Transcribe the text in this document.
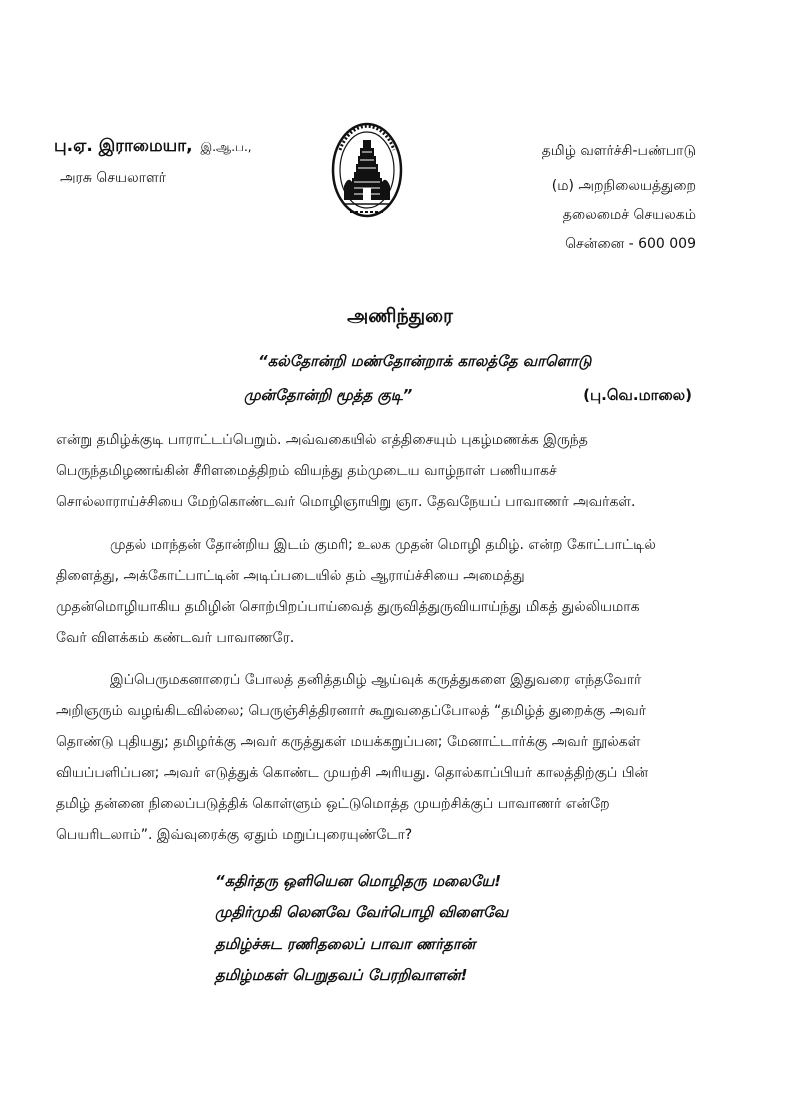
பு.ஏ. இராமையா, இ.ஆ.ப.,
அரசு செயலாளர்
தமிழ் வளர்ச்சி-பண்பாடு
(ம) அறநிலையத்துறை
தலைமைச் செயலகம்
சென்னை - 600 009
அணிந்துரை
“கல்தோன்றி மண்தோன்றாக் காலத்தே வாளொடு
முன்தோன்றி மூத்த குடி”	(பு.வெ.மாலை)
என்று தமிழ்க்குடி பாராட்டப்பெறும். அவ்வகையில் எத்திசையும் புகழ்மணக்க இருந்த
பெருந்தமிழணங்கின் சீரிளமைத்திறம் வியந்து தம்முடைய வாழ்நாள் பணியாகச்
சொல்லாராய்ச்சியை மேற்கொண்டவர் மொழிஞாயிறு ஞா. தேவநேயப் பாவாணர் அவர்கள்.
முதல் மாந்தன் தோன்றிய இடம் குமரி; உலக முதன் மொழி தமிழ். என்ற கோட்பாட்டில்
திளைத்து, அக்கோட்பாட்டின் அடிப்படையில் தம் ஆராய்ச்சியை அமைத்து
முதன்மொழியாகிய தமிழின் சொற்பிறப்பாய்வைத் துருவித்துருவியாய்ந்து மிகத் துல்லியமாக
வேர் விளக்கம் கண்டவர் பாவாணரே.
இப்பெருமகனாரைப் போலத் தனித்தமிழ் ஆய்வுக் கருத்துகளை இதுவரை எந்தவோர்
அறிஞரும் வழங்கிடவில்லை; பெருஞ்சித்திரனார் கூறுவதைப்போலத் “தமிழ்த் துறைக்கு அவர்
தொண்டு புதியது; தமிழர்க்கு அவர் கருத்துகள் மயக்கறுப்பன; மேனாட்டார்க்கு அவர் நூல்கள்
வியப்பளிப்பன; அவர் எடுத்துக் கொண்ட முயற்சி அரியது. தொல்காப்பியர் காலத்திற்குப் பின்
தமிழ் தன்னை நிலைப்படுத்திக் கொள்ளும் ஒட்டுமொத்த முயற்சிக்குப் பாவாணர் என்றே
பெயரிடலாம்”. இவ்வுரைக்கு ஏதும் மறுப்புரையுண்டோ?
“கதிர்தரு ஒளியென மொழிதரு மலையே!
முதிர்முகி லெனவே வேர்பொழி விளைவே
தமிழ்ச்சுட ரணிதலைப் பாவா ணர்தான்
தமிழ்மகள் பெறுதவப் பேரறிவாளன்!
